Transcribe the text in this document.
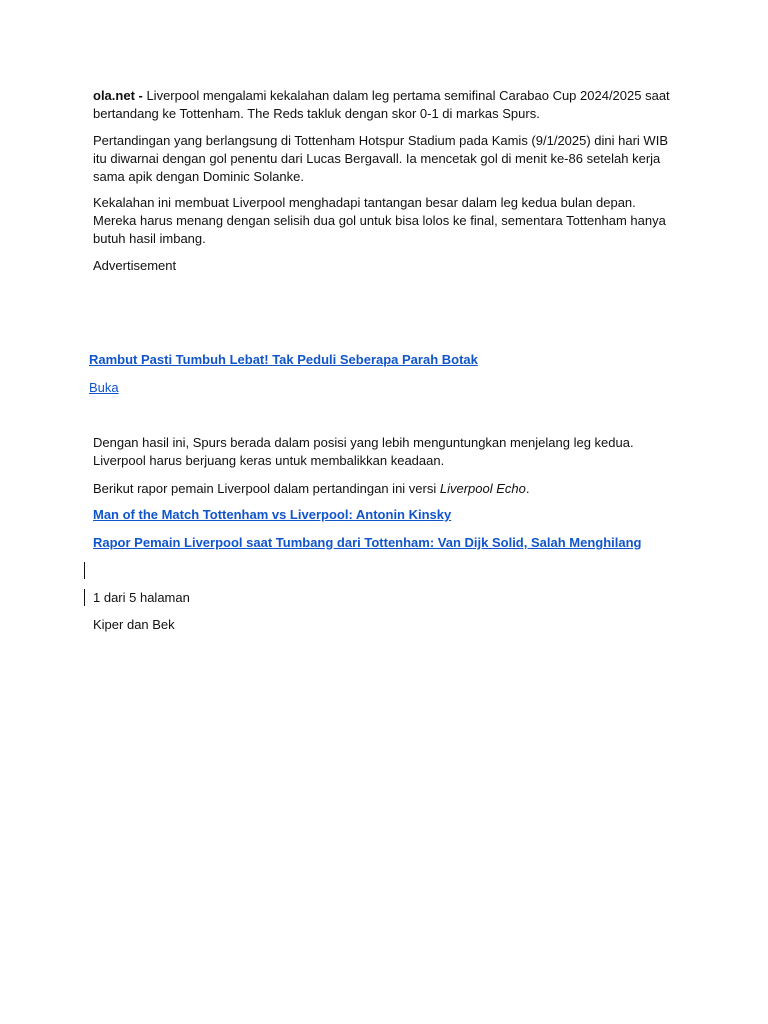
ola.net - Liverpool mengalami kekalahan dalam leg pertama semifinal Carabao Cup 2024/2025 saat bertandang ke Tottenham. The Reds takluk dengan skor 0-1 di markas Spurs.

Pertandingan yang berlangsung di Tottenham Hotspur Stadium pada Kamis (9/1/2025) dini hari WIB itu diwarnai dengan gol penentu dari Lucas Bergavall. Ia mencetak gol di menit ke-86 setelah kerja sama apik dengan Dominic Solanke.

Kekalahan ini membuat Liverpool menghadapi tantangan besar dalam leg kedua bulan depan. Mereka harus menang dengan selisih dua gol untuk bisa lolos ke final, sementara Tottenham hanya butuh hasil imbang.

Advertisement

Rambut Pasti Tumbuh Lebat! Tak Peduli Seberapa Parah Botak
Buka

Dengan hasil ini, Spurs berada dalam posisi yang lebih menguntungkan menjelang leg kedua. Liverpool harus berjuang keras untuk membalikkan keadaan.

Berikut rapor pemain Liverpool dalam pertandingan ini versi Liverpool Echo.

Man of the Match Tottenham vs Liverpool: Antonin Kinsky

Rapor Pemain Liverpool saat Tumbang dari Tottenham: Van Dijk Solid, Salah Menghilang

1 dari 5 halaman

Kiper dan Bek
